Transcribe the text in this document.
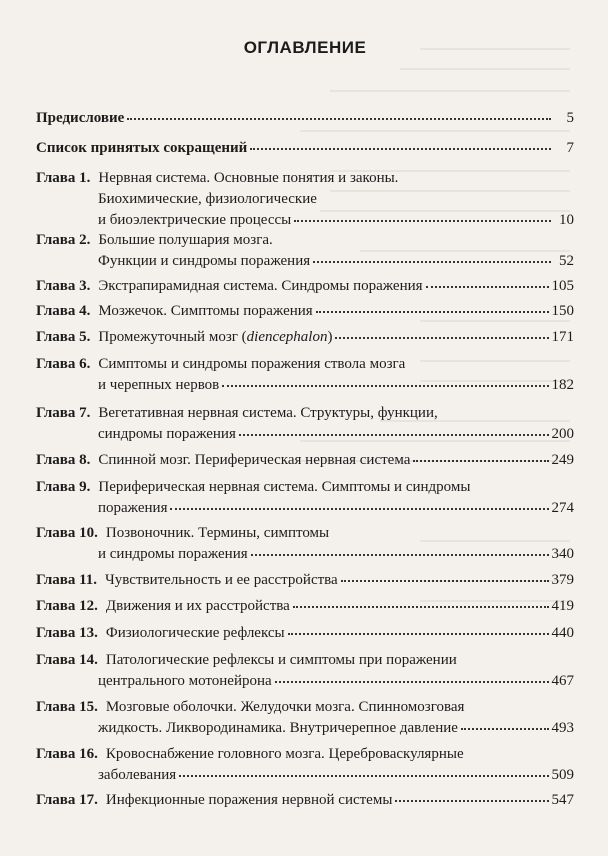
ОГЛАВЛЕНИЕ
Предисловие	5
Список принятых сокращений	7
Глава 1. Нервная система. Основные понятия и законы.
Биохимические, физиологические
и биоэлектрические процессы	10
Глава 2. Большие полушария мозга.
Функции и синдромы поражения	52
Глава 3. Экстрапирамидная система. Синдромы поражения	105
Глава 4. Мозжечок. Симптомы поражения	150
Глава 5. Промежуточный мозг (diencephalon)	171
Глава 6. Симптомы и синдромы поражения ствола мозга
и черепных нервов	182
Глава 7. Вегетативная нервная система. Структуры, функции,
синдромы поражения	200
Глава 8. Спинной мозг. Периферическая нервная система	249
Глава 9. Периферическая нервная система. Симптомы и синдромы
поражения	274
Глава 10. Позвоночник. Термины, симптомы
и синдромы поражения	340
Глава 11. Чувствительность и ее расстройства	379
Глава 12. Движения и их расстройства	419
Глава 13. Физиологические рефлексы	440
Глава 14. Патологические рефлексы и симптомы при поражении
центрального мотонейрона	467
Глава 15. Мозговые оболочки. Желудочки мозга. Спинномозговая
жидкость. Ликвородинамика. Внутричерепное давление	493
Глава 16. Кровоснабжение головного мозга. Цереброваскулярные
заболевания	509
Глава 17. Инфекционные поражения нервной системы	547
